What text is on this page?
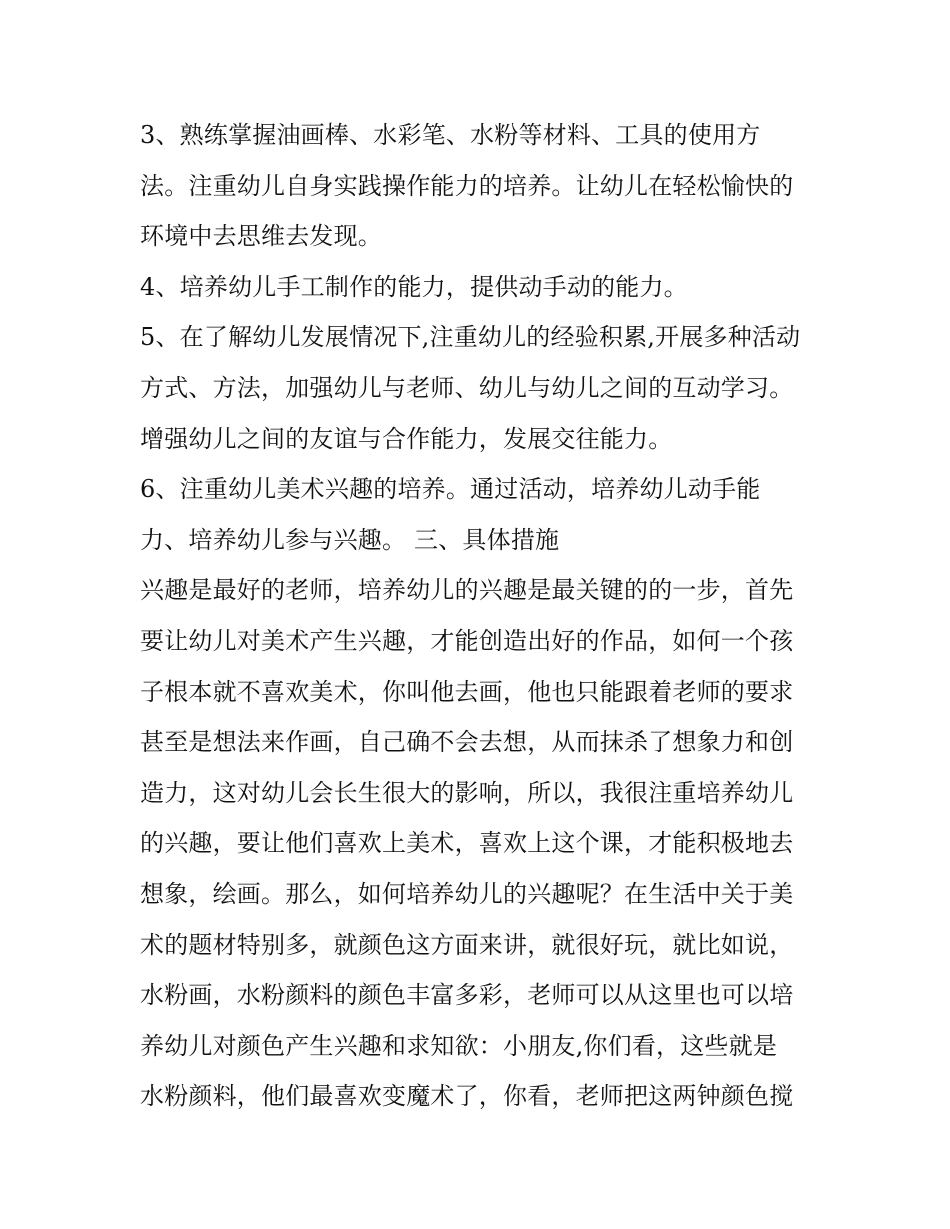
3、熟练掌握油画棒、水彩笔、水粉等材料、工具的使用方
法。注重幼儿自身实践操作能力的培养。让幼儿在轻松愉快的
环境中去思维去发现。
4、培养幼儿手工制作的能力，提供动手动的能力。
5、在了解幼儿发展情况下,注重幼儿的经验积累,开展多种活动
方式、方法，加强幼儿与老师、幼儿与幼儿之间的互动学习。
增强幼儿之间的友谊与合作能力，发展交往能力。
6、注重幼儿美术兴趣的培养。通过活动，培养幼儿动手能
力、培养幼儿参与兴趣。 三、具体措施
兴趣是最好的老师，培养幼儿的兴趣是最关键的的一步，首先
要让幼儿对美术产生兴趣，才能创造出好的作品，如何一个孩
子根本就不喜欢美术，你叫他去画，他也只能跟着老师的要求
甚至是想法来作画，自己确不会去想，从而抹杀了想象力和创
造力，这对幼儿会长生很大的影响，所以，我很注重培养幼儿
的兴趣，要让他们喜欢上美术，喜欢上这个课，才能积极地去
想象，绘画。那么，如何培养幼儿的兴趣呢？在生活中关于美
术的题材特别多，就颜色这方面来讲，就很好玩，就比如说，
水粉画，水粉颜料的颜色丰富多彩，老师可以从这里也可以培
养幼儿对颜色产生兴趣和求知欲：小朋友,你们看，这些就是
水粉颜料，他们最喜欢变魔术了，你看，老师把这两钟颜色搅
